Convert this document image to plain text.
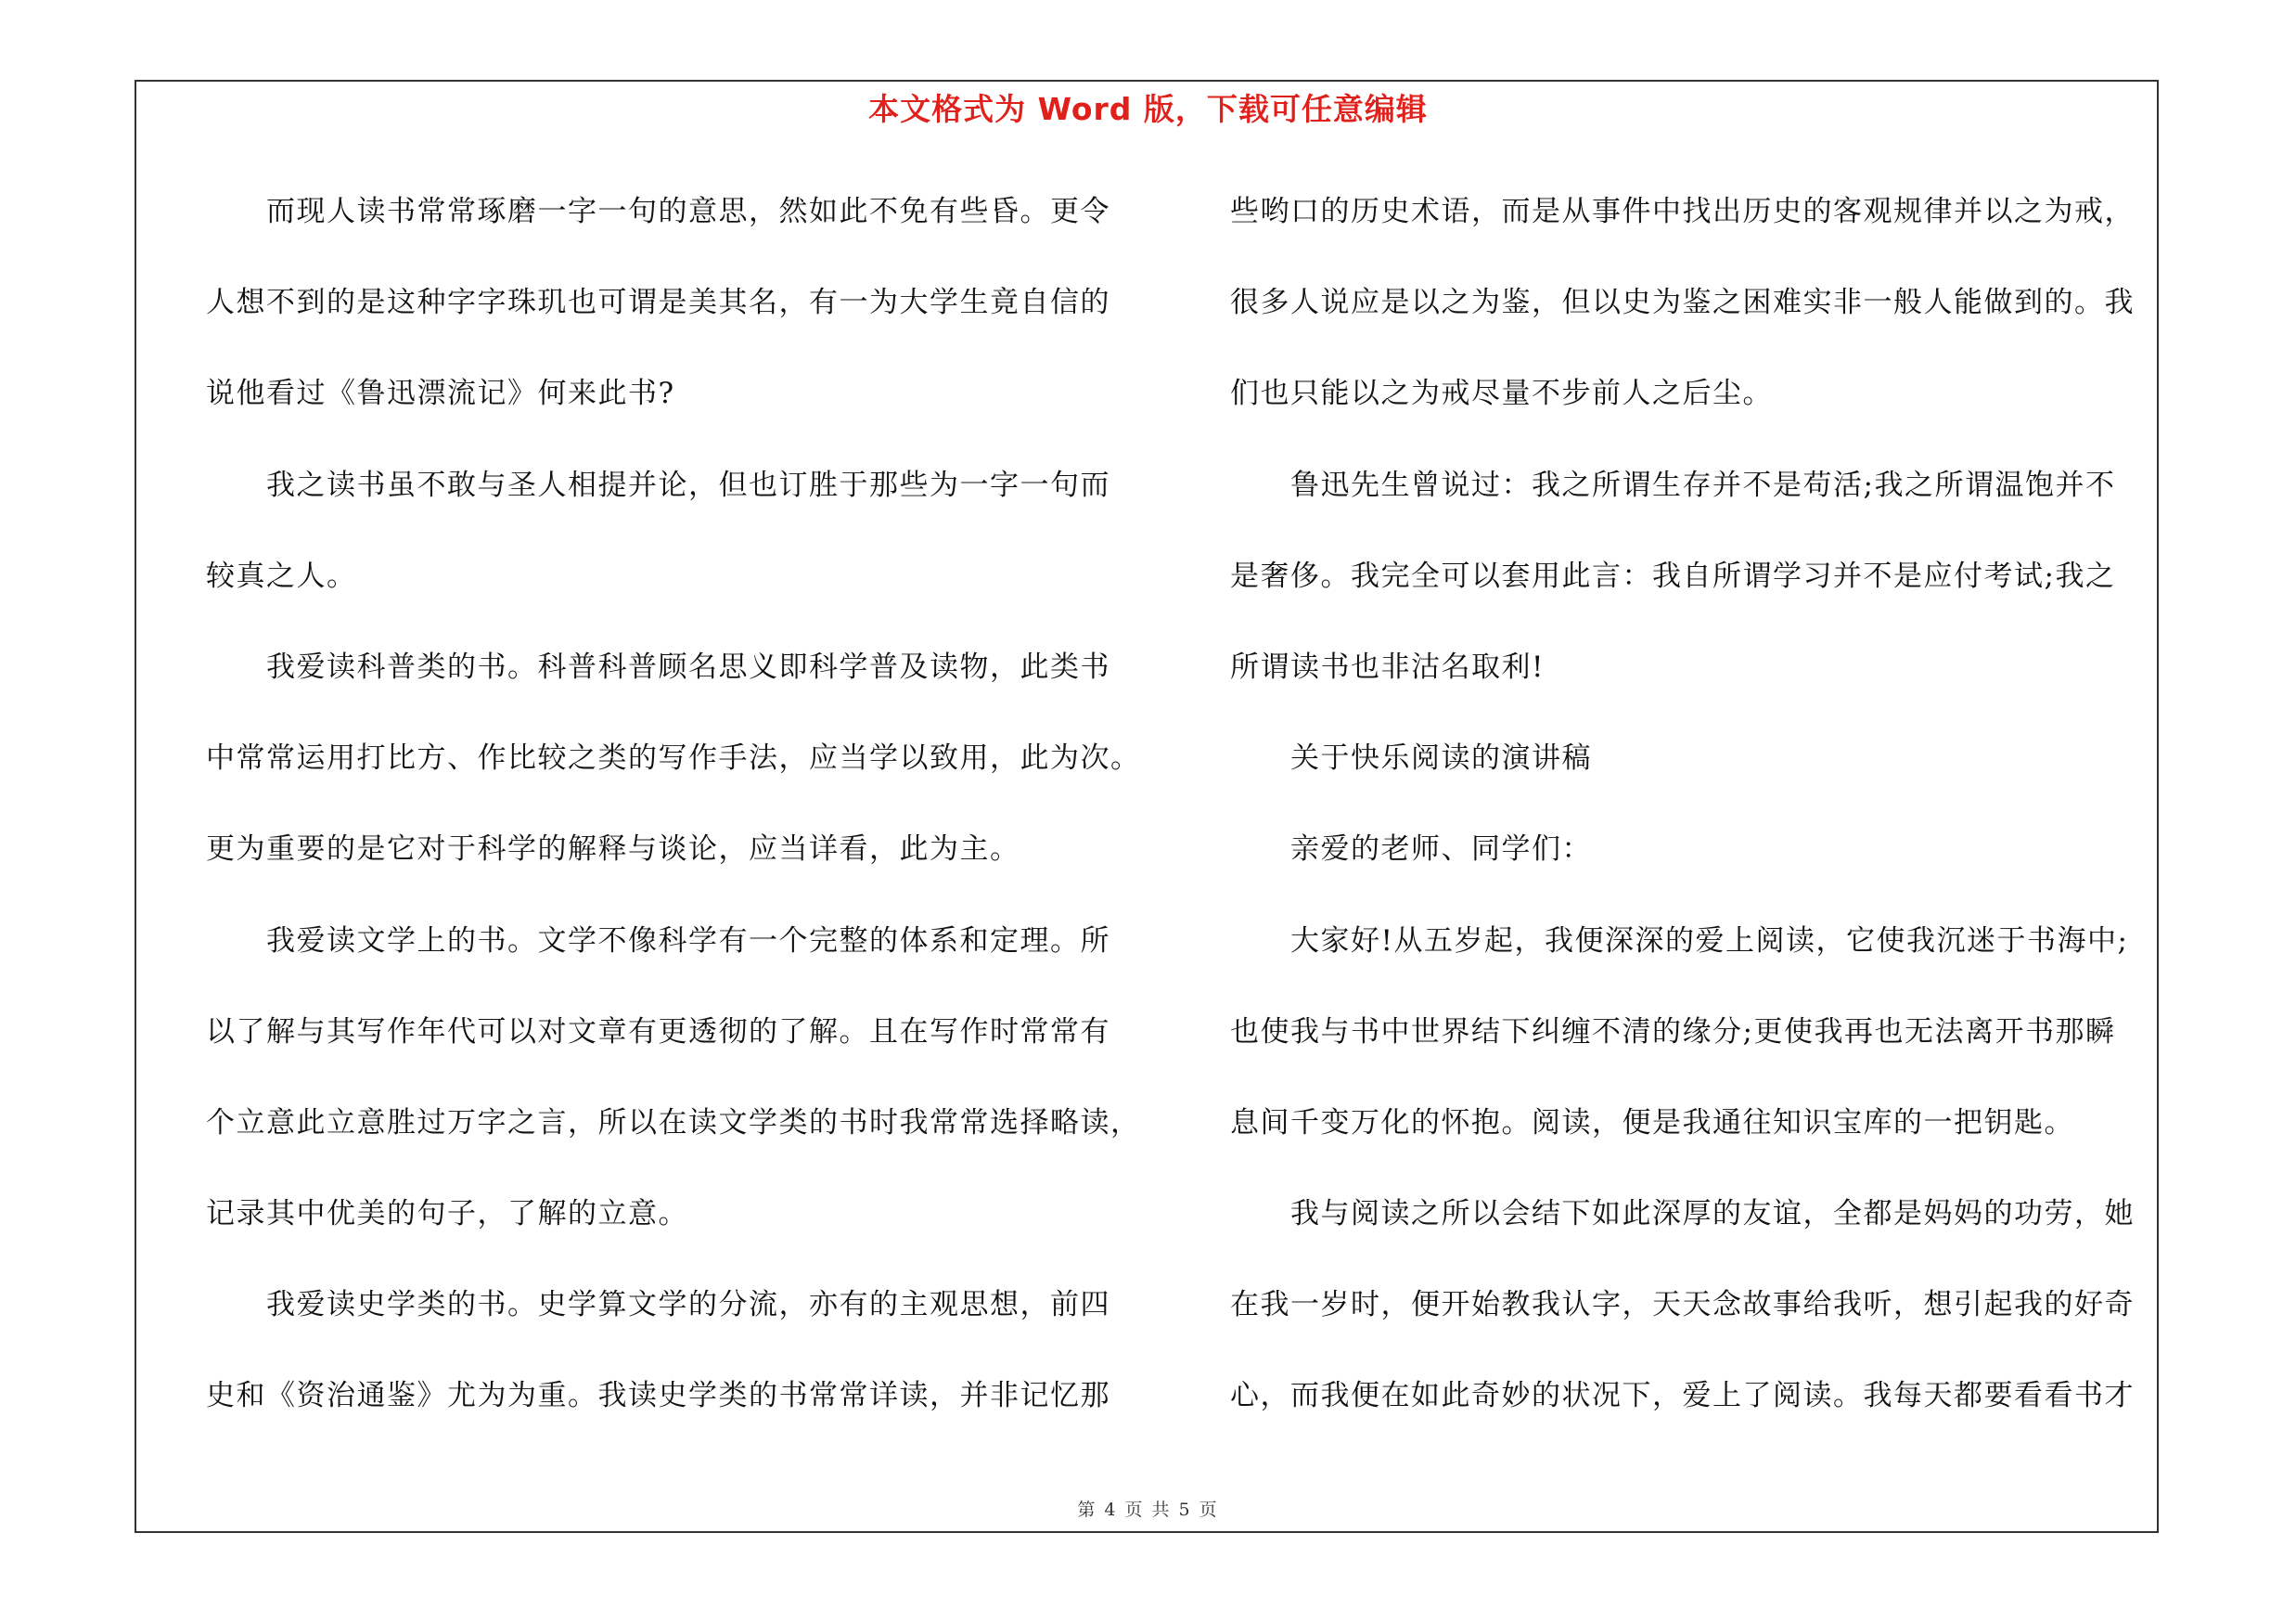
本文格式为 Word 版，下载可任意编辑
　　而现人读书常常琢磨一字一句的意思，然如此不免有些昏。更令
人想不到的是这种字字珠玑也可谓是美其名，有一为大学生竟自信的
说他看过《鲁迅漂流记》何来此书?
　　我之读书虽不敢与圣人相提并论，但也订胜于那些为一字一句而
较真之人。
　　我爱读科普类的书。科普科普顾名思义即科学普及读物，此类书
中常常运用打比方、作比较之类的写作手法，应当学以致用，此为次。
更为重要的是它对于科学的解释与谈论，应当详看，此为主。
　　我爱读文学上的书。文学不像科学有一个完整的体系和定理。所
以了解与其写作年代可以对文章有更透彻的了解。且在写作时常常有
个立意此立意胜过万字之言，所以在读文学类的书时我常常选择略读，
记录其中优美的句子，了解的立意。
　　我爱读史学类的书。史学算文学的分流，亦有的主观思想，前四
史和《资治通鉴》尤为为重。我读史学类的书常常详读，并非记忆那
些哟口的历史术语，而是从事件中找出历史的客观规律并以之为戒，
很多人说应是以之为鉴，但以史为鉴之困难实非一般人能做到的。我
们也只能以之为戒尽量不步前人之后尘。
　　鲁迅先生曾说过：我之所谓生存并不是苟活;我之所谓温饱并不
是奢侈。我完全可以套用此言：我自所谓学习并不是应付考试;我之
所谓读书也非沽名取利!
　　关于快乐阅读的演讲稿
　　亲爱的老师、同学们：
　　大家好!从五岁起，我便深深的爱上阅读，它使我沉迷于书海中;
也使我与书中世界结下纠缠不清的缘分;更使我再也无法离开书那瞬
息间千变万化的怀抱。阅读，便是我通往知识宝库的一把钥匙。
　　我与阅读之所以会结下如此深厚的友谊，全都是妈妈的功劳，她
在我一岁时，便开始教我认字，天天念故事给我听，想引起我的好奇
心，而我便在如此奇妙的状况下，爱上了阅读。我每天都要看看书才
第 4 页 共 5 页
